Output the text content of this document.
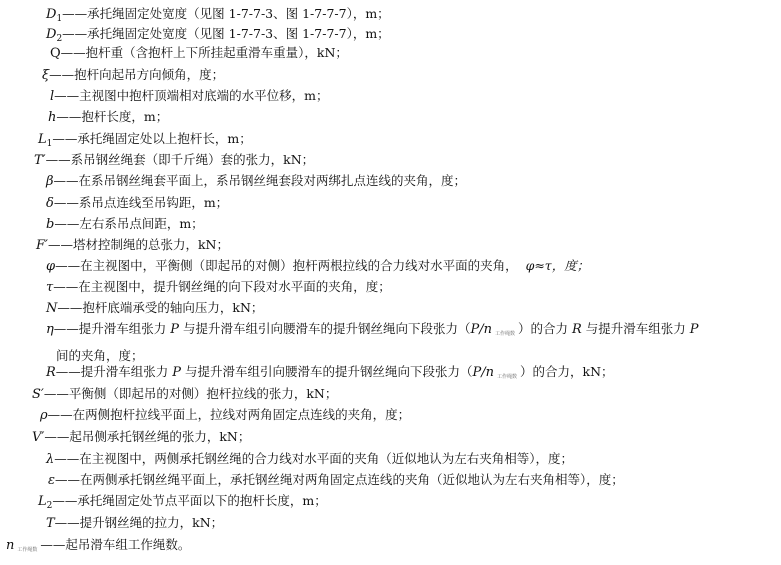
$D_1——$承托绳固定处宽度（见图 1-7-7-3、图 1-7-7-7），m；
$D_2——$承托绳固定处宽度（见图 1-7-7-3、图 1-7-7-7），m；
Q——抱杆重（含抱杆上下所挂起重滑车重量），kN；
ξ——抱杆向起吊方向倾角，度；
l——主视图中抱杆顶端相对底端的水平位移，m；
h——抱杆长度，m；
$L_1——$承托绳固定处以上抱杆长，m；
T′——系吊钢丝绳套（即千斤绳）套的张力，kN；
β——在系吊钢丝绳套平面上，系吊钢丝绳套段对两绑扎点连线的夹角，度；
δ——系吊点连线至吊钩距，m；
b——左右系吊点间距，m；
F′——塔材控制绳的总张力，kN；
φ——在主视图中，平衡侧（即起吊的对侧）抱杆两根拉线的合力线对水平面的夹角， φ≈τ，度；
τ——在主视图中，提升钢丝绳的向下段对水平面的夹角，度；
N——抱杆底端承受的轴向压力，kN；
η——提升滑车组张力 P 与提升滑车组引向腰滑车的提升钢丝绳向下段张力（P/n 工作绳数 ）的合力 R 与提升滑车组张力 P
间的夹角，度；
R——提升滑车组张力 P 与提升滑车组引向腰滑车的提升钢丝绳向下段张力（P/n 工作绳数 ）的合力，kN；
S′——平衡侧（即起吊的对侧）抱杆拉线的张力，kN；
ρ——在两侧抱杆拉线平面上，拉线对两角固定点连线的夹角，度；
V′——起吊侧承托钢丝绳的张力，kN；
λ——在主视图中，两侧承托钢丝绳的合力线对水平面的夹角（近似地认为左右夹角相等），度；
ε——在两侧承托钢丝绳平面上，承托钢丝绳对两角固定点连线的夹角（近似地认为左右夹角相等），度；
$L_2——$承托绳固定处节点平面以下的抱杆长度，m；
T——提升钢丝绳的拉力，kN；
n工作绳数 ——起吊滑车组工作绳数。
